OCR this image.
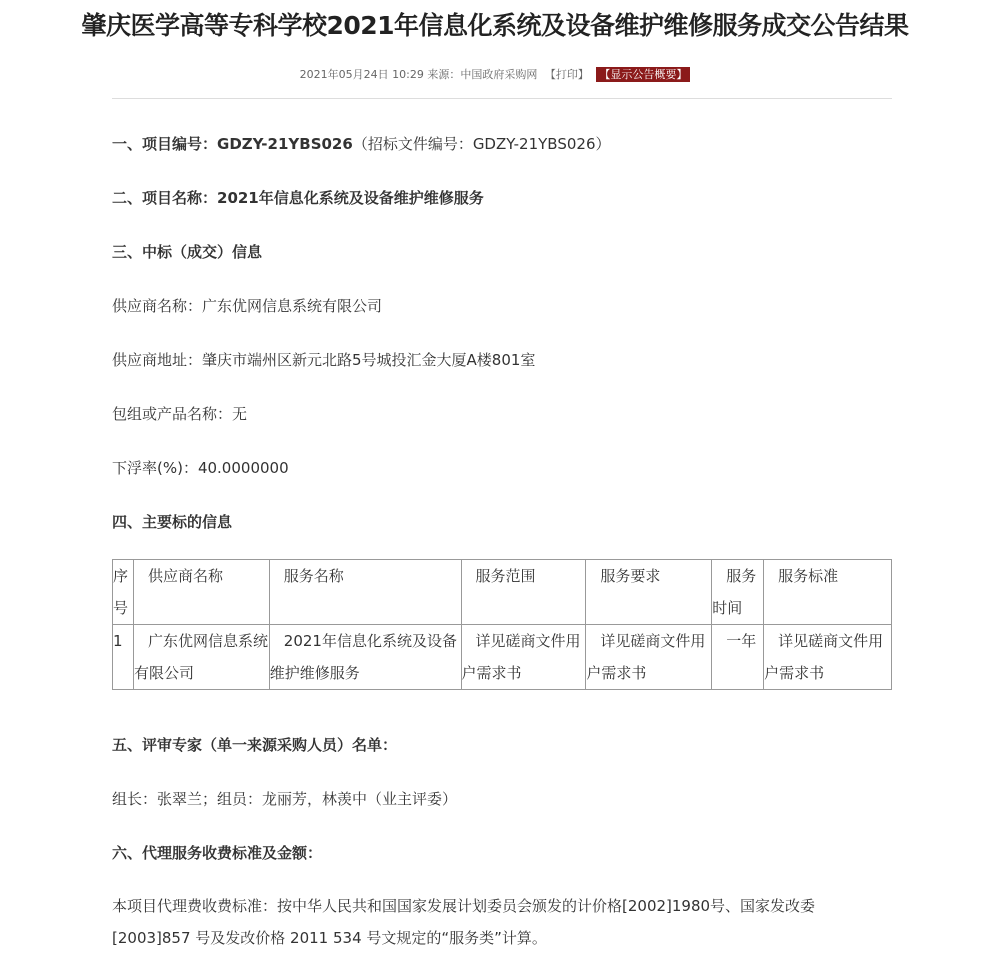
肇庆医学高等专科学校2021年信息化系统及设备维护维修服务成交公告结果
2021年05月24日 10:29 来源：中国政府采购网 【打印】 【显示公告概要】
一、项目编号：GDZY-21YBS026（招标文件编号：GDZY-21YBS026）
二、项目名称：2021年信息化系统及设备维护维修服务
三、中标（成交）信息
供应商名称：广东优网信息系统有限公司
供应商地址：肇庆市端州区新元北路5号城投汇金大厦A楼801室
包组或产品名称：无
下浮率(%)：40.0000000
四、主要标的信息
序号	供应商名称	服务名称	服务范围	服务要求	服务时间	服务标准
1	广东优网信息系统有限公司	2021年信息化系统及设备维护维修服务	详见磋商文件用户需求书	详见磋商文件用户需求书	一年	详见磋商文件用户需求书
五、评审专家（单一来源采购人员）名单：
组长：张翠兰；组员：龙丽芳，林羡中（业主评委）
六、代理服务收费标准及金额：
本项目代理费收费标准：按中华人民共和国国家发展计划委员会颁发的计价格[2002]1980号、国家发改委[2003]857 号及发改价格 2011 534 号文规定的“服务类”计算。
